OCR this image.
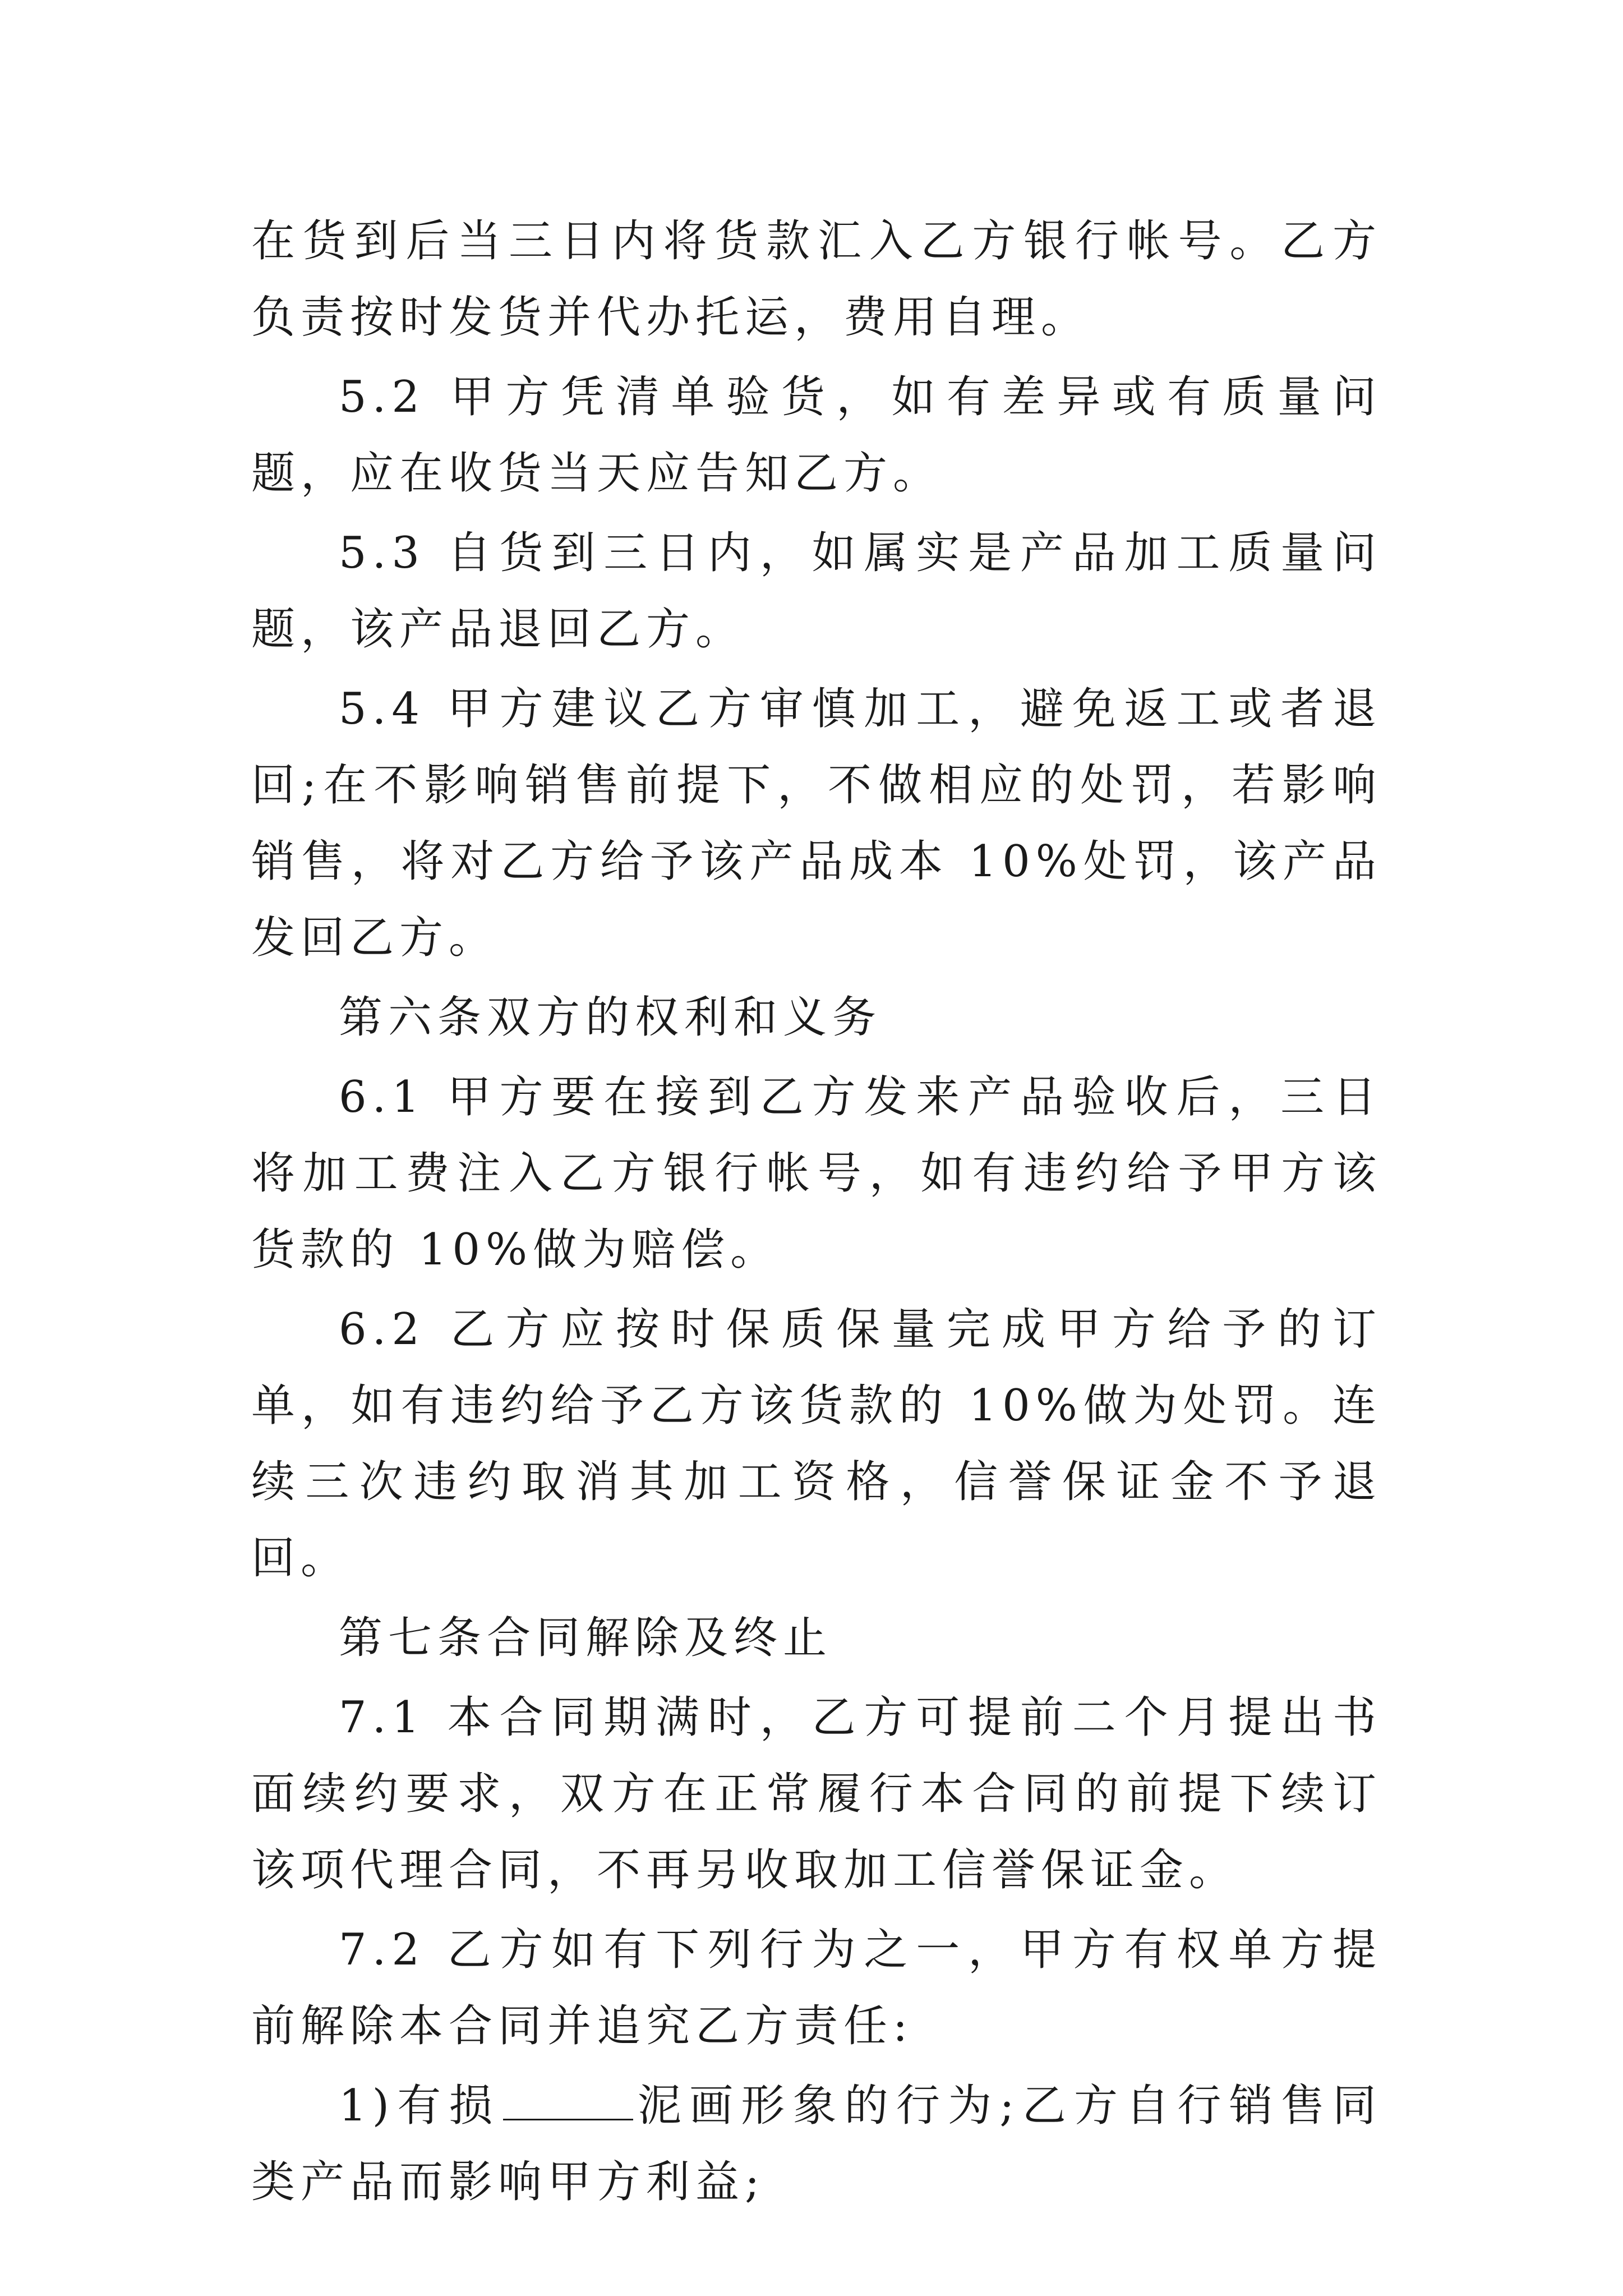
在货到后当三日内将货款汇入乙方银行帐号。乙方负责按时发货并代办托运，费用自理。

5.2 甲方凭清单验货，如有差异或有质量问题，应在收货当天应告知乙方。

5.3 自货到三日内，如属实是产品加工质量问题，该产品退回乙方。

5.4 甲方建议乙方审慎加工，避免返工或者退回;在不影响销售前提下，不做相应的处罚，若影响销售，将对乙方给予该产品成本 10%处罚，该产品发回乙方。

第六条双方的权利和义务

6.1 甲方要在接到乙方发来产品验收后，三日将加工费注入乙方银行帐号，如有违约给予甲方该货款的 10%做为赔偿。

6.2 乙方应按时保质保量完成甲方给予的订单，如有违约给予乙方该货款的 10%做为处罚。连续三次违约取消其加工资格，信誉保证金不予退回。

第七条合同解除及终止

7.1 本合同期满时，乙方可提前二个月提出书面续约要求，双方在正常履行本合同的前提下续订该项代理合同，不再另收取加工信誉保证金。

7.2 乙方如有下列行为之一，甲方有权单方提前解除本合同并追究乙方责任:

1)有损	泥画形象的行为;乙方自行销售同类产品而影响甲方利益;
